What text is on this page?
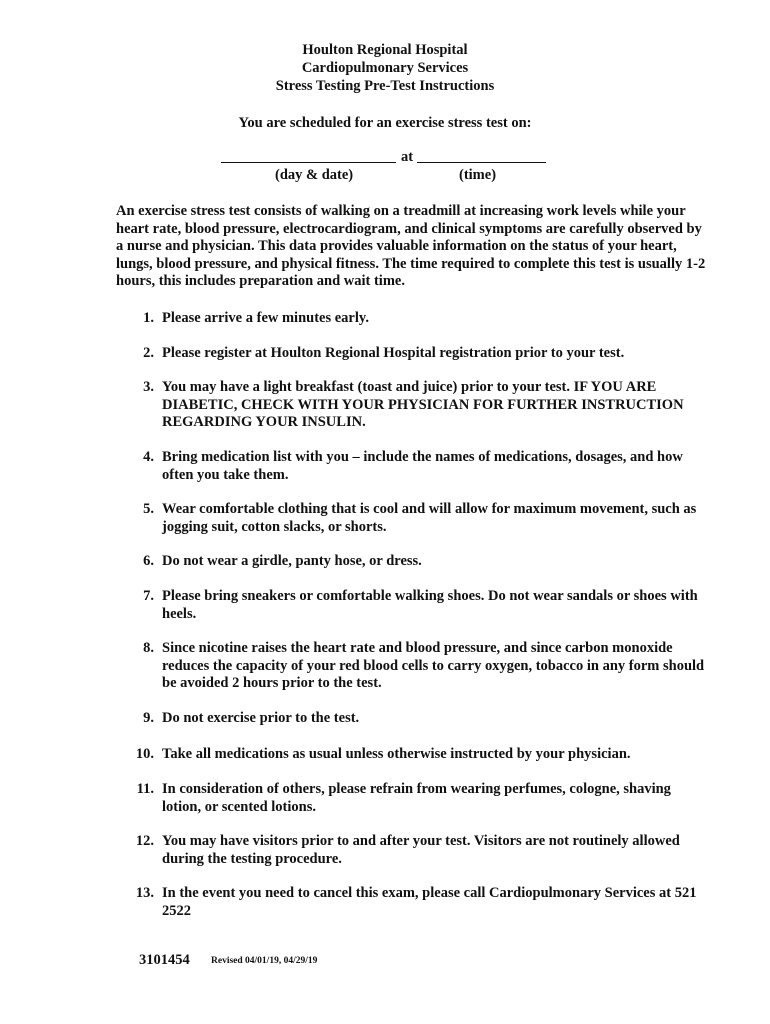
Houlton Regional Hospital
Cardiopulmonary Services
Stress Testing Pre-Test Instructions
You are scheduled for an exercise stress test on:
at
(day & date)	(time)

An exercise stress test consists of walking on a treadmill at increasing work levels while your heart rate, blood pressure, electrocardiogram, and clinical symptoms are carefully observed by a nurse and physician. This data provides valuable information on the status of your heart, lungs, blood pressure, and physical fitness. The time required to complete this test is usually 1-2 hours, this includes preparation and wait time.

1. Please arrive a few minutes early.
2. Please register at Houlton Regional Hospital registration prior to your test.
3. You may have a light breakfast (toast and juice) prior to your test. IF YOU ARE DIABETIC, CHECK WITH YOUR PHYSICIAN FOR FURTHER INSTRUCTION REGARDING YOUR INSULIN.
4. Bring medication list with you – include the names of medications, dosages, and how often you take them.
5. Wear comfortable clothing that is cool and will allow for maximum movement, such as jogging suit, cotton slacks, or shorts.
6. Do not wear a girdle, panty hose, or dress.
7. Please bring sneakers or comfortable walking shoes. Do not wear sandals or shoes with heels.
8. Since nicotine raises the heart rate and blood pressure, and since carbon monoxide reduces the capacity of your red blood cells to carry oxygen, tobacco in any form should be avoided 2 hours prior to the test.
9. Do not exercise prior to the test.
10. Take all medications as usual unless otherwise instructed by your physician.
11. In consideration of others, please refrain from wearing perfumes, cologne, shaving lotion, or scented lotions.
12. You may have visitors prior to and after your test. Visitors are not routinely allowed during the testing procedure.
13. In the event you need to cancel this exam, please call Cardiopulmonary Services at 521 2522
3101454 Revised 04/01/19, 04/29/19
